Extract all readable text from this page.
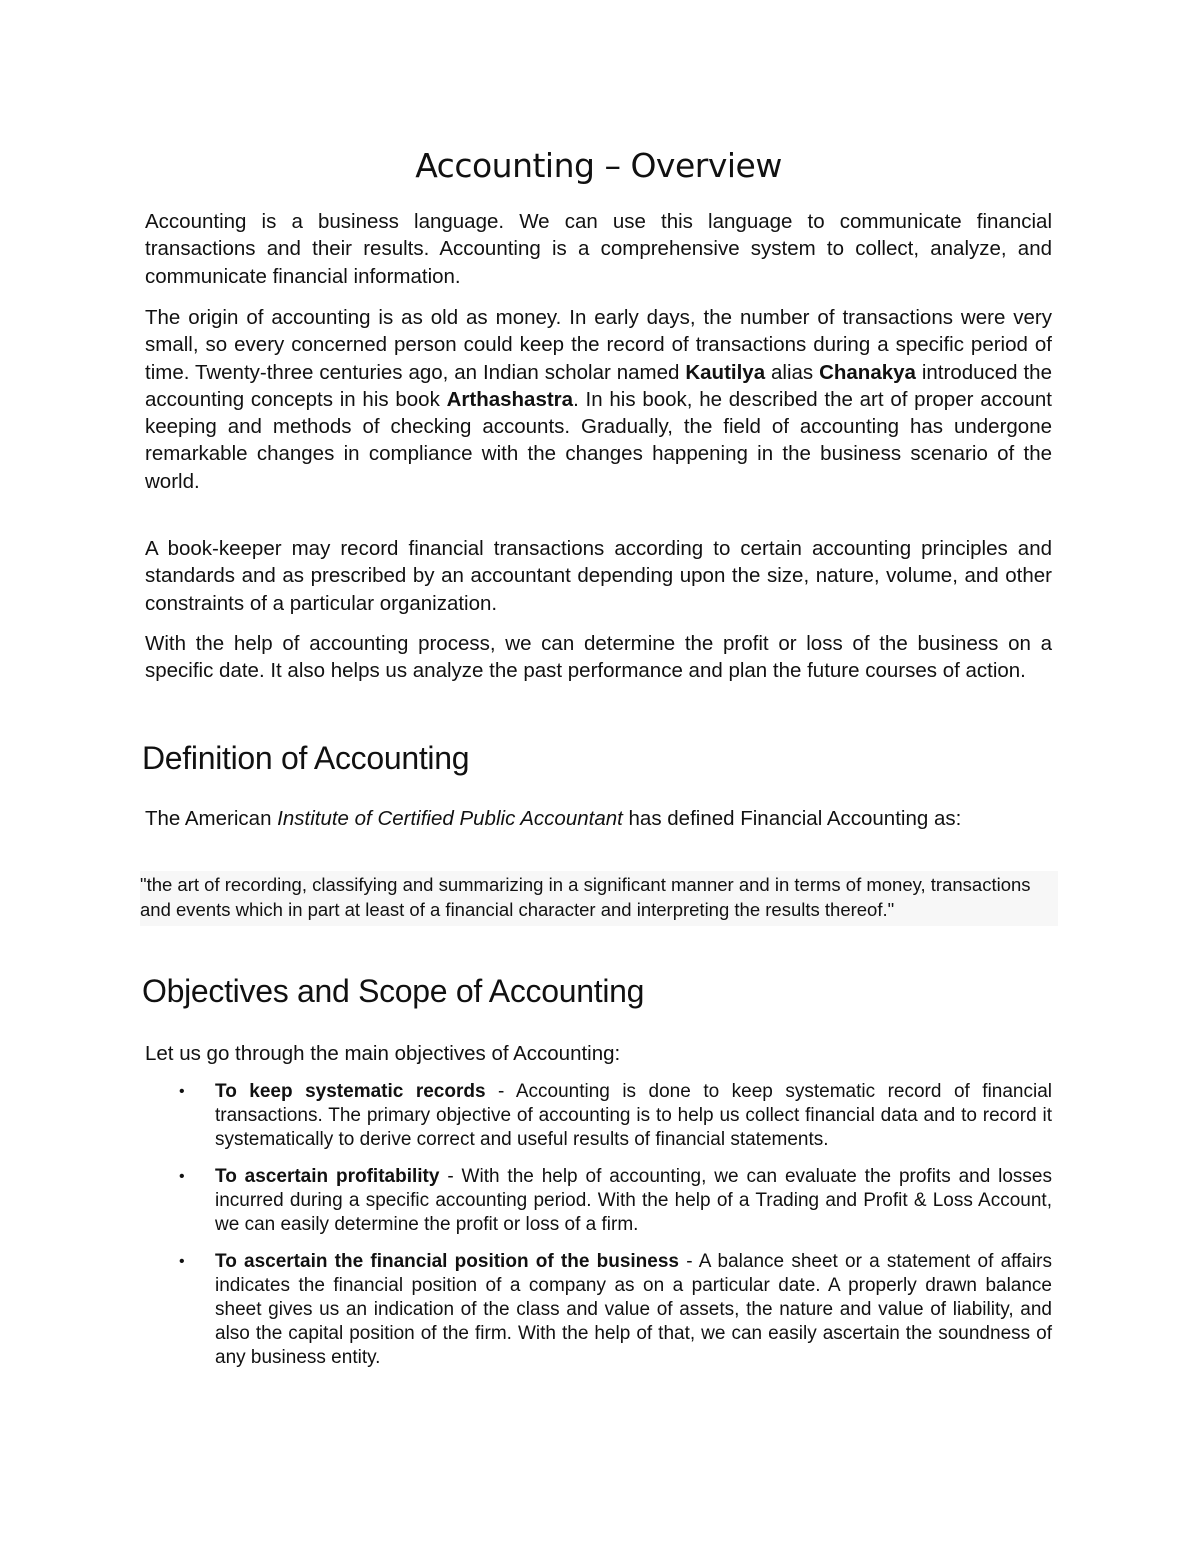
Accounting – Overview

Accounting is a business language. We can use this language to communicate financial transactions and their results. Accounting is a comprehensive system to collect, analyze, and communicate financial information.

The origin of accounting is as old as money. In early days, the number of transactions were very small, so every concerned person could keep the record of transactions during a specific period of time. Twenty-three centuries ago, an Indian scholar named Kautilya alias Chanakya introduced the accounting concepts in his book Arthashastra. In his book, he described the art of proper account keeping and methods of checking accounts. Gradually, the field of accounting has undergone remarkable changes in compliance with the changes happening in the business scenario of the world.

A book-keeper may record financial transactions according to certain accounting principles and standards and as prescribed by an accountant depending upon the size, nature, volume, and other constraints of a particular organization.

With the help of accounting process, we can determine the profit or loss of the business on a specific date. It also helps us analyze the past performance and plan the future courses of action.

Definition of Accounting

The American Institute of Certified Public Accountant has defined Financial Accounting as:

"the art of recording, classifying and summarizing in a significant manner and in terms of money, transactions and events which in part at least of a financial character and interpreting the results thereof."
Objectives and Scope of Accounting

Let us go through the main objectives of Accounting:

• To keep systematic records - Accounting is done to keep systematic record of financial transactions. The primary objective of accounting is to help us collect financial data and to record it systematically to derive correct and useful results of financial statements.

• To ascertain profitability - With the help of accounting, we can evaluate the profits and losses incurred during a specific accounting period. With the help of a Trading and Profit & Loss Account, we can easily determine the profit or loss of a firm.

• To ascertain the financial position of the business - A balance sheet or a statement of affairs indicates the financial position of a company as on a particular date. A properly drawn balance sheet gives us an indication of the class and value of assets, the nature and value of liability, and also the capital position of the firm. With the help of that, we can easily ascertain the soundness of any business entity.
